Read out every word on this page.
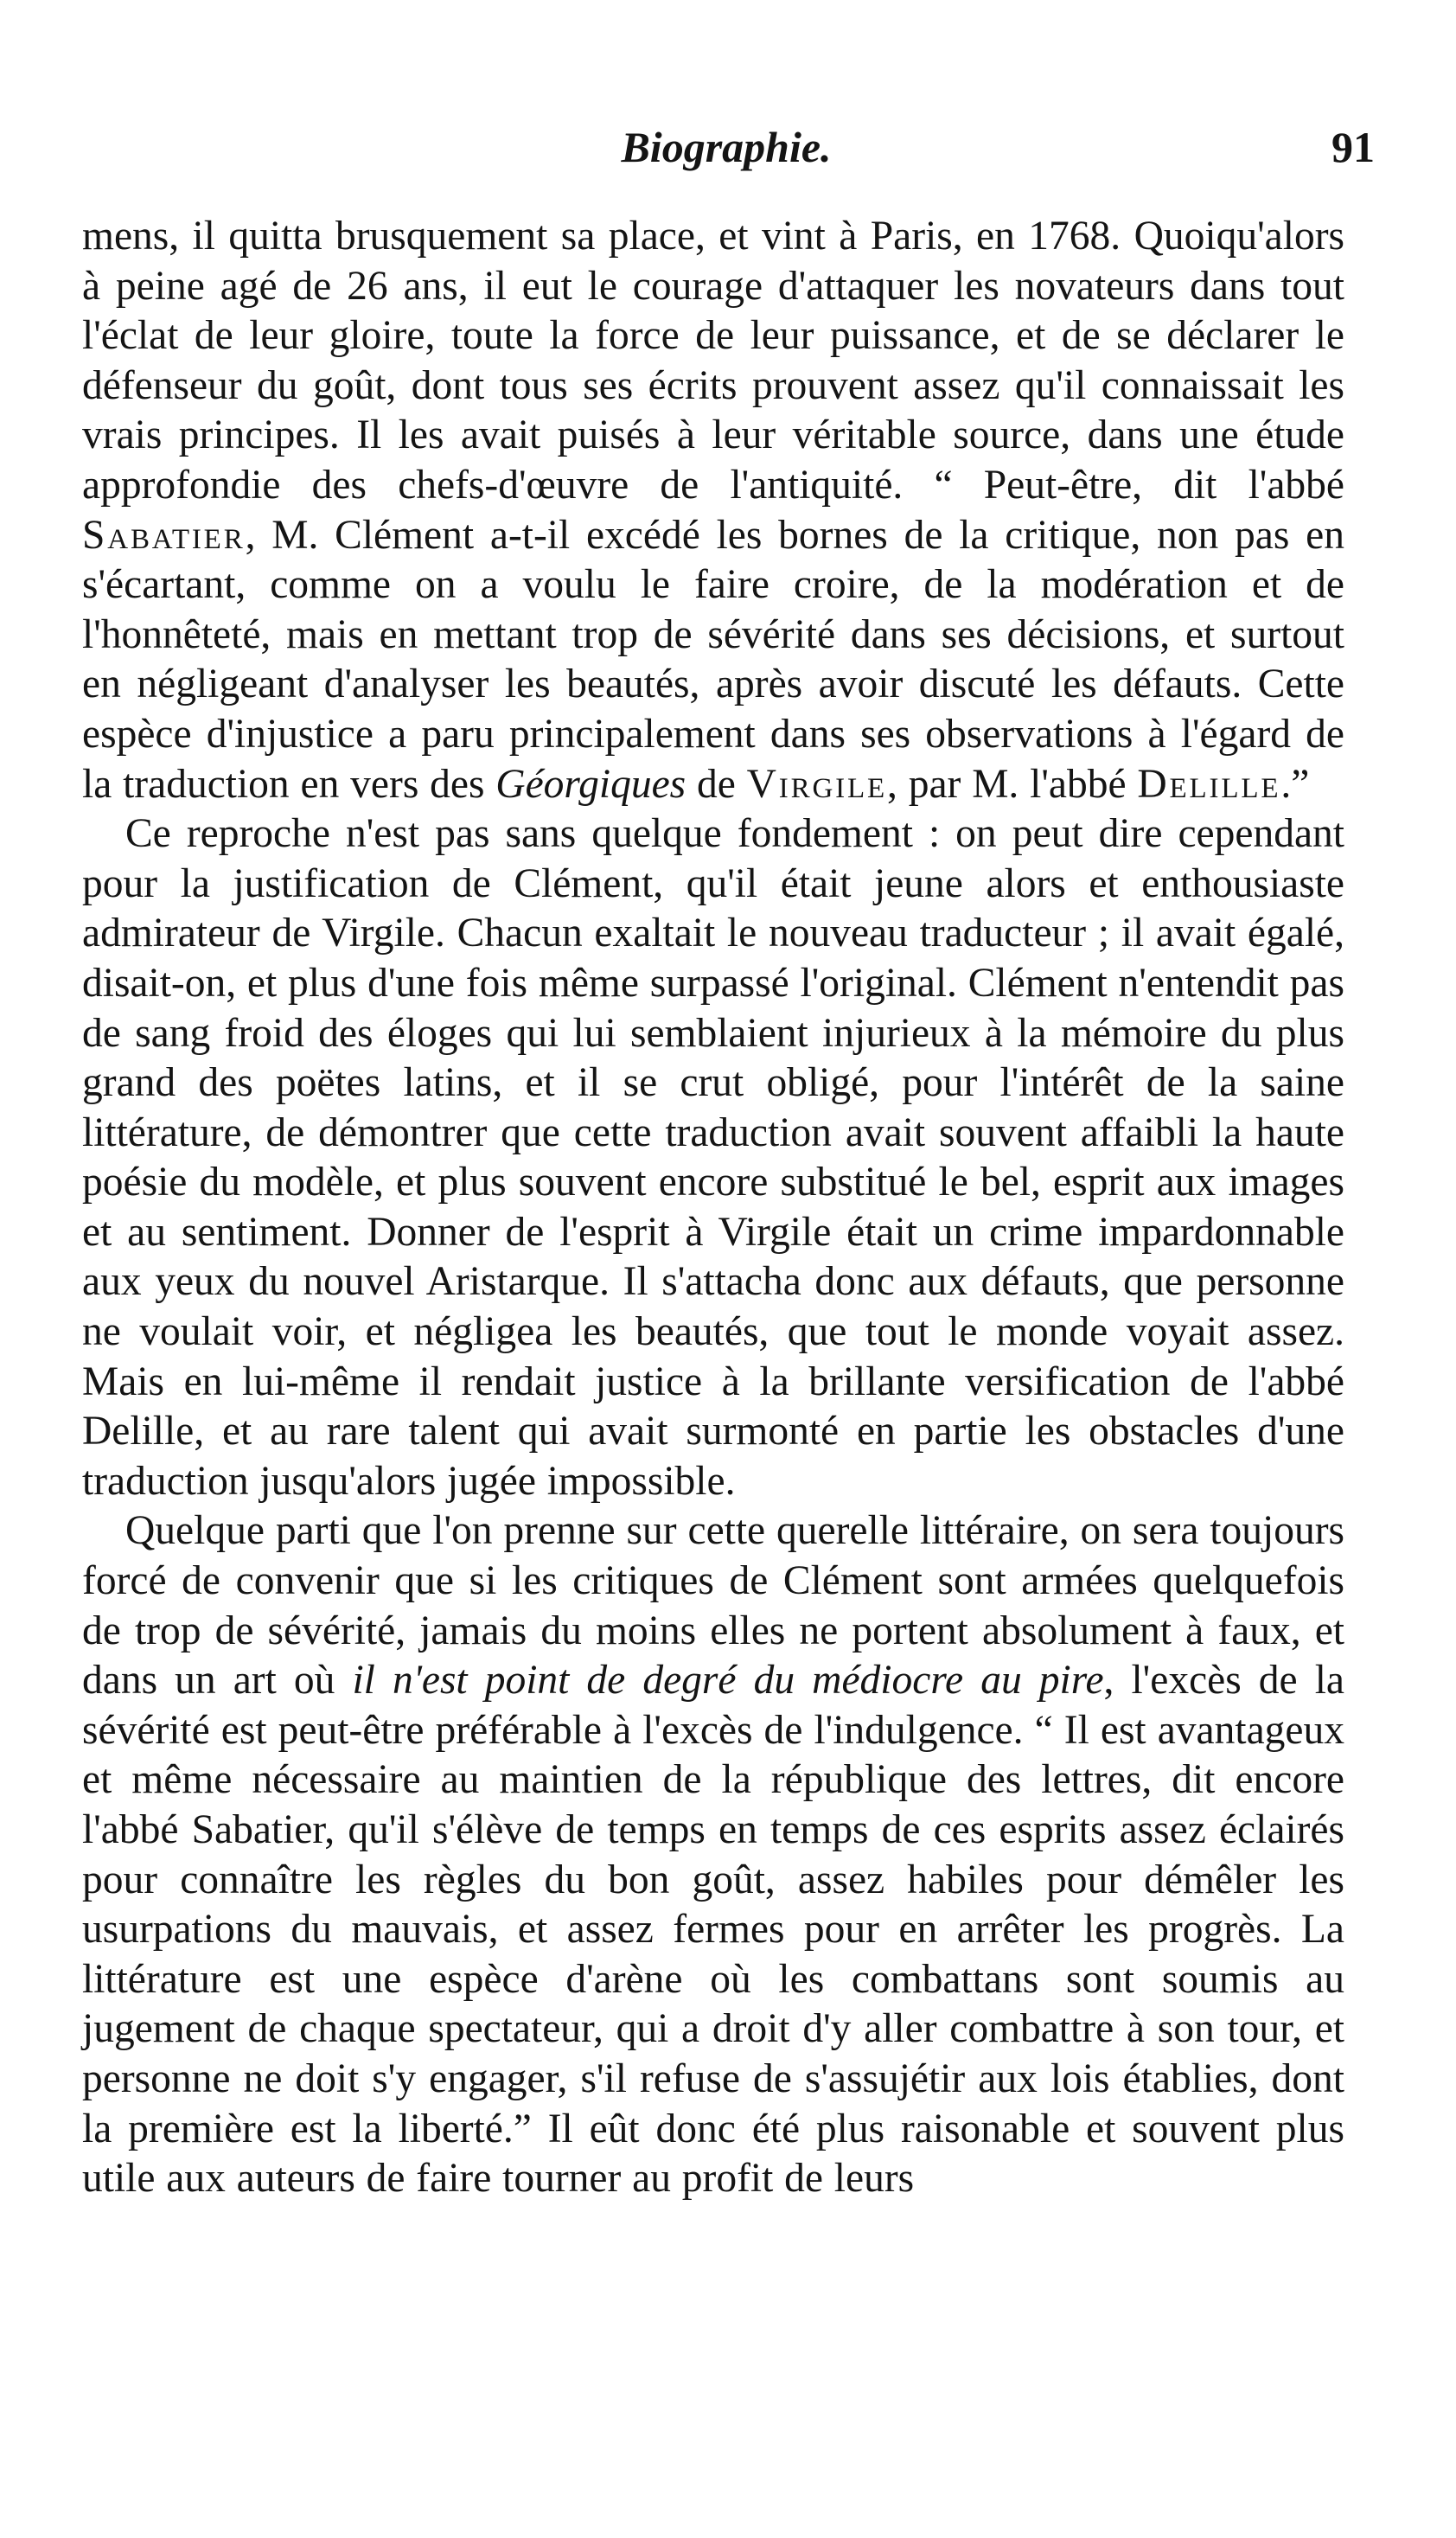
Biographie.	91

mens, il quitta brusquement sa place, et vint à Paris, en 1768. Quoiqu'alors à peine agé de 26 ans, il eut le courage d'attaquer les novateurs dans tout l'éclat de leur gloire, toute la force de leur puissance, et de se déclarer le défenseur du goût, dont tous ses écrits prouvent assez qu'il connaissait les vrais principes. Il les avait puisés à leur véritable source, dans une étude approfondie des chefs-d'œuvre de l'antiquité. “ Peut-être, dit l'abbé Sabatier, M. Clément a-t-il excédé les bornes de la critique, non pas en s'écartant, comme on a voulu le faire croire, de la modération et de l'honnêteté, mais en mettant trop de sévérité dans ses décisions, et surtout en négligeant d'analyser les beautés, après avoir discuté les défauts. Cette espèce d'injustice a paru principalement dans ses observations à l'égard de la traduction en vers des Géorgiques de Virgile, par M. l'abbé Delille.”

Ce reproche n'est pas sans quelque fondement : on peut dire cependant pour la justification de Clément, qu'il était jeune alors et enthousiaste admirateur de Virgile. Chacun exaltait le nouveau traducteur ; il avait égalé, disait-on, et plus d'une fois même surpassé l'original. Clément n'entendit pas de sang froid des éloges qui lui semblaient injurieux à la mémoire du plus grand des poëtes latins, et il se crut obligé, pour l'intérêt de la saine littérature, de démontrer que cette traduction avait souvent affaibli la haute poésie du modèle, et plus souvent encore substitué le bel, esprit aux images et au sentiment. Donner de l'esprit à Virgile était un crime impardonnable aux yeux du nouvel Aristarque. Il s'attacha donc aux défauts, que personne ne voulait voir, et négligea les beautés, que tout le monde voyait assez. Mais en lui-même il rendait justice à la brillante versification de l'abbé Delille, et au rare talent qui avait surmonté en partie les obstacles d'une traduction jusqu'alors jugée impossible.

Quelque parti que l'on prenne sur cette querelle littéraire, on sera toujours forcé de convenir que si les critiques de Clément sont armées quelquefois de trop de sévérité, jamais du moins elles ne portent absolument à faux, et dans un art où il n'est point de degré du médiocre au pire, l'excès de la sévérité est peut-être préférable à l'excès de l'indulgence. “ Il est avantageux et même nécessaire au maintien de la république des lettres, dit encore l'abbé Sabatier, qu'il s'élève de temps en temps de ces esprits assez éclairés pour connaître les règles du bon goût, assez habiles pour démêler les usurpations du mauvais, et assez fermes pour en arrêter les progrès. La littérature est une espèce d'arène où les combattans sont soumis au jugement de chaque spectateur, qui a droit d'y aller combattre à son tour, et personne ne doit s'y engager, s'il refuse de s'assujétir aux lois établies, dont la première est la liberté.” Il eût donc été plus raisonable et souvent plus utile aux auteurs de faire tourner au profit de leurs
